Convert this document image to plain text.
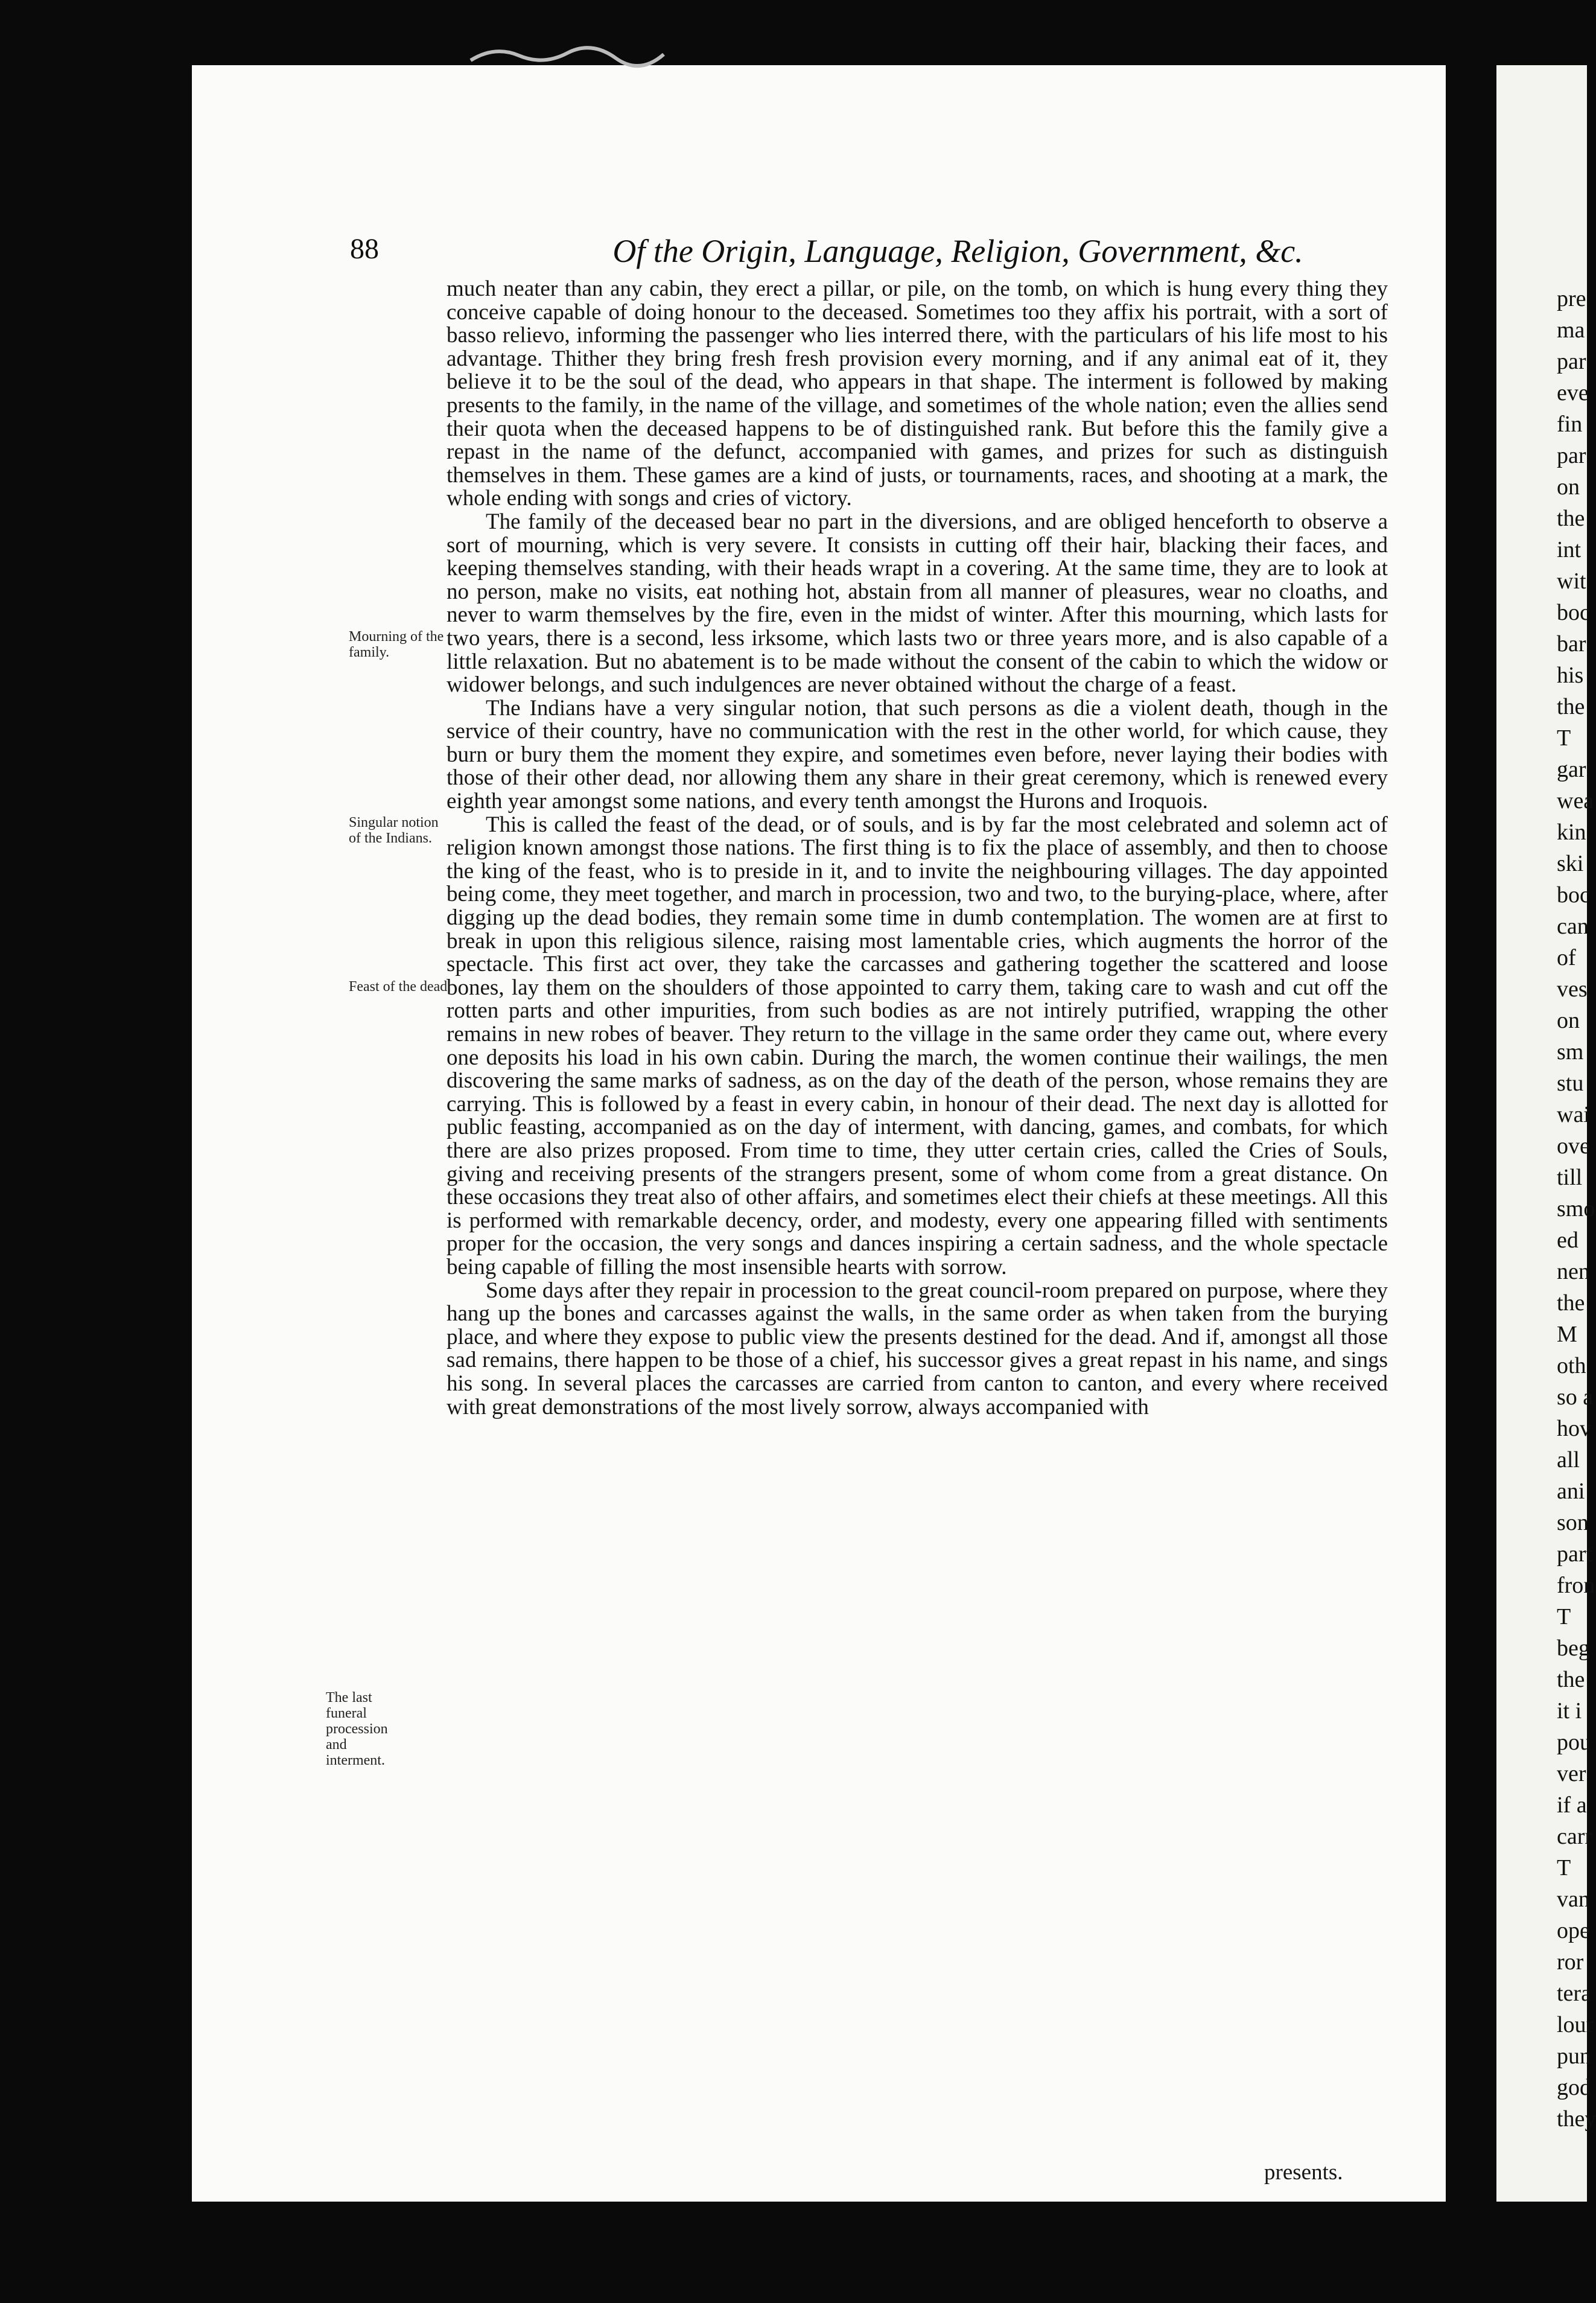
pre
ma
par
eve
fin
par
on
the
int
wit
boc
bar
his
the
T
gar
wea
kin
ski
boc
can
of
ves
on
sm
stu
wai
ove
till
smo
ed
nen
the
M
oth
so a
hov
all
ani
son
part
fron
T
beg
the
it i
pou
ver
if a
carr
T
van
ope
ror
tera
lour
pun
god
they
88	Of the Origin, Language, Religion, Government, &c.
Mourning of the family.
Singular notion of the Indians.
Feast of the dead.
The last funeral procession and interment.

much neater than any cabin, they erect a pillar, or pile, on the tomb, on which is hung every thing they conceive capable of doing honour to the deceased. Sometimes too they affix his portrait, with a sort of basso relievo, informing the passenger who lies interred there, with the particulars of his life most to his advantage. Thither they bring fresh fresh provision every morning, and if any animal eat of it, they believe it to be the soul of the dead, who appears in that shape. The interment is followed by making presents to the family, in the name of the village, and sometimes of the whole nation; even the allies send their quota when the deceased happens to be of distinguished rank. But before this the family give a repast in the name of the defunct, accompanied with games, and prizes for such as distinguish themselves in them. These games are a kind of justs, or tournaments, races, and shooting at a mark, the whole ending with songs and cries of victory.

The family of the deceased bear no part in the diversions, and are obliged henceforth to observe a sort of mourning, which is very severe. It consists in cutting off their hair, blacking their faces, and keeping themselves standing, with their heads wrapt in a covering. At the same time, they are to look at no person, make no visits, eat nothing hot, abstain from all manner of pleasures, wear no cloaths, and never to warm themselves by the fire, even in the midst of winter. After this mourning, which lasts for two years, there is a second, less irksome, which lasts two or three years more, and is also capable of a little relaxation. But no abatement is to be made without the consent of the cabin to which the widow or widower belongs, and such indulgences are never obtained without the charge of a feast.

The Indians have a very singular notion, that such persons as die a violent death, though in the service of their country, have no communication with the rest in the other world, for which cause, they burn or bury them the moment they expire, and sometimes even before, never laying their bodies with those of their other dead, nor allowing them any share in their great ceremony, which is renewed every eighth year amongst some nations, and every tenth amongst the Hurons and Iroquois.

This is called the feast of the dead, or of souls, and is by far the most celebrated and solemn act of religion known amongst those nations. The first thing is to fix the place of assembly, and then to choose the king of the feast, who is to preside in it, and to invite the neighbouring villages. The day appointed being come, they meet together, and march in procession, two and two, to the burying-place, where, after digging up the dead bodies, they remain some time in dumb contemplation. The women are at first to break in upon this religious silence, raising most lamentable cries, which augments the horror of the spectacle. This first act over, they take the carcasses and gathering together the scattered and loose bones, lay them on the shoulders of those appointed to carry them, taking care to wash and cut off the rotten parts and other impurities, from such bodies as are not intirely putrified, wrapping the other remains in new robes of beaver. They return to the village in the same order they came out, where every one deposits his load in his own cabin. During the march, the women continue their wailings, the men discovering the same marks of sadness, as on the day of the death of the person, whose remains they are carrying. This is followed by a feast in every cabin, in honour of their dead. The next day is allotted for public feasting, accompanied as on the day of interment, with dancing, games, and combats, for which there are also prizes proposed. From time to time, they utter certain cries, called the Cries of Souls, giving and receiving presents of the strangers present, some of whom come from a great distance. On these occasions they treat also of other affairs, and sometimes elect their chiefs at these meetings. All this is performed with remarkable decency, order, and modesty, every one appearing filled with sentiments proper for the occasion, the very songs and dances inspiring a certain sadness, and the whole spectacle being capable of filling the most insensible hearts with sorrow.

Some days after they repair in procession to the great council-room prepared on purpose, where they hang up the bones and carcasses against the walls, in the same order as when taken from the burying place, and where they expose to public view the presents destined for the dead. And if, amongst all those sad remains, there happen to be those of a chief, his successor gives a great repast in his name, and sings his song. In several places the carcasses are carried from canton to canton, and every where received with great demonstrations of the most lively sorrow, always accompanied with

presents.
